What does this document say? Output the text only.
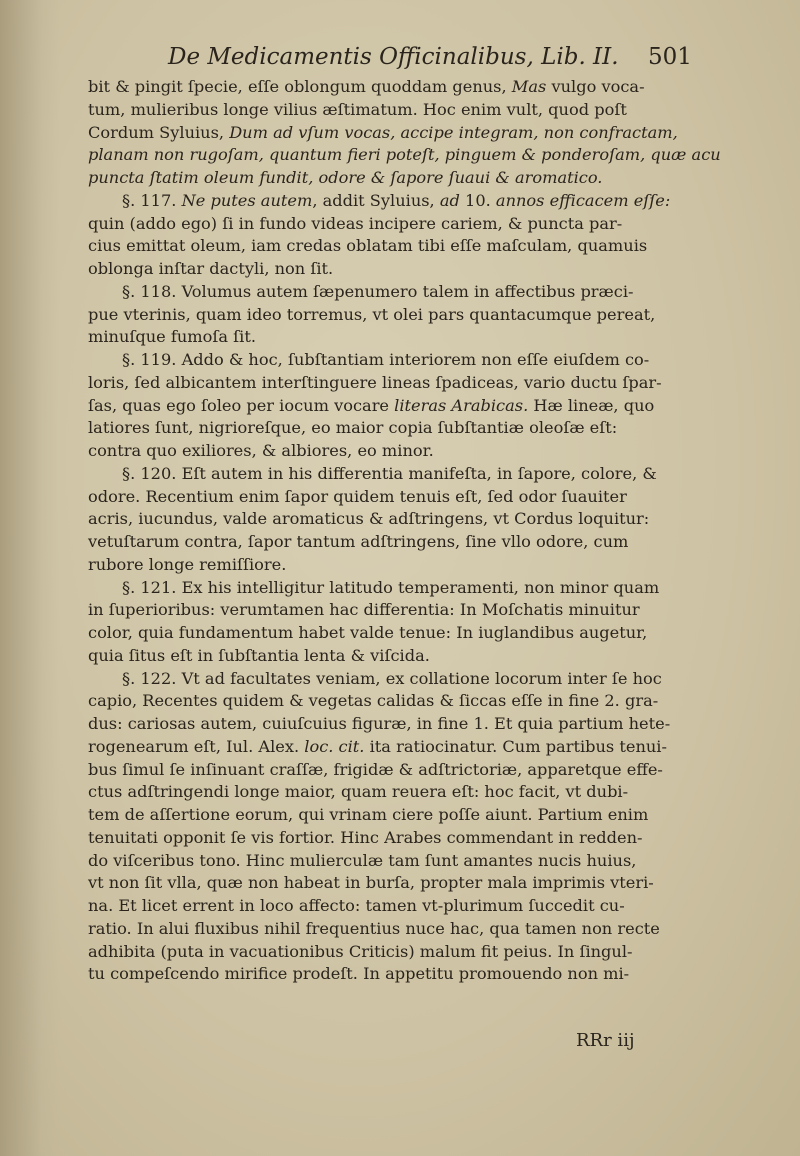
De Medicamentis Officinalibus, Lib. II. 501
bit & pingit ſpecie, eſſe oblongum quoddam genus, Mas vulgo voca-
tum, mulieribus longe vilius æſtimatum. Hoc enim vult, quod poſt
Cordum Syluius, Dum ad vſum vocas, accipe integram, non confractam,
planam non rugoſam, quantum fieri poteſt, pinguem & ponderoſam, quæ acu
puncta ſtatim oleum fundit, odore & ſapore ſuaui & aromatico.
§. 117. Ne putes autem, addit Syluius, ad 10. annos efficacem eſſe:
quin (addo ego) ſi in fundo videas incipere cariem, & puncta par-
cius emittat oleum, iam credas oblatam tibi eſſe maſculam, quamuis
oblonga inſtar dactyli, non ſit.
§. 118. Volumus autem ſæpenumero talem in affectibus præci-
pue vterinis, quam ideo torremus, vt olei pars quantacumque pereat,
minuſque fumoſa ſit.
§. 119. Addo & hoc, ſubſtantiam interiorem non eſſe eiuſdem co-
loris, ſed albicantem interſtinguere lineas ſpadiceas, vario ductu ſpar-
ſas, quas ego ſoleo per iocum vocare literas Arabicas. Hæ lineæ, quo
latiores ſunt, nigrioreſque, eo maior copia ſubſtantiæ oleoſæ eſt:
contra quo exiliores, & albiores, eo minor.
§. 120. Eſt autem in his differentia manifeſta, in ſapore, colore, &
odore. Recentium enim ſapor quidem tenuis eſt, ſed odor ſuauiter
acris, iucundus, valde aromaticus & adſtringens, vt Cordus loquitur:
vetuſtarum contra, ſapor tantum adſtringens, ſine vllo odore, cum
rubore longe remiſſiore.
§. 121. Ex his intelligitur latitudo temperamenti, non minor quam
in ſuperioribus: verumtamen hac differentia: In Moſchatis minuitur
color, quia fundamentum habet valde tenue: In iuglandibus augetur,
quia ſitus eſt in ſubſtantia lenta & viſcida.
§. 122. Vt ad facultates veniam, ex collatione locorum inter ſe hoc
capio, Recentes quidem & vegetas calidas & ſiccas eſſe in fine 2. gra-
dus: cariosas autem, cuiuſcuius figuræ, in fine 1. Et quia partium hete-
rogenearum eſt, Iul. Alex. loc. cit. ita ratiocinatur. Cum partibus tenui-
bus ſimul ſe inſinuant craſſæ, frigidæ & adſtrictoriæ, apparetque effe-
ctus adſtringendi longe maior, quam reuera eſt: hoc facit, vt dubi-
tem de aſſertione eorum, qui vrinam ciere poſſe aiunt. Partium enim
tenuitati opponit ſe vis fortior. Hinc Arabes commendant in redden-
do viſceribus tono. Hinc mulierculæ tam ſunt amantes nucis huius,
vt non ſit vlla, quæ non habeat in burſa, propter mala imprimis vteri-
na. Et licet errent in loco affecto: tamen vt-plurimum ſuccedit cu-
ratio. In alui fluxibus nihil frequentius nuce hac, qua tamen non recte
adhibita (puta in vacuationibus Criticis) malum fit peius. In ſingul-
tu compeſcendo mirifice prodeſt. In appetitu promouendo non mi-
RRr iij
